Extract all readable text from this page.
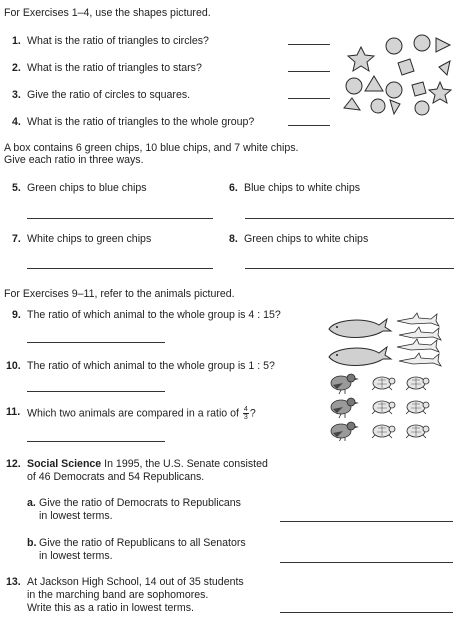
For Exercises 1–4, use the shapes pictured.
1. What is the ratio of triangles to circles?
2. What is the ratio of triangles to stars?
3. Give the ratio of circles to squares.
4. What is the ratio of triangles to the whole group?
A box contains 6 green chips, 10 blue chips, and 7 white chips.
Give each ratio in three ways.
5. Green chips to blue chips	6. Blue chips to white chips
7. White chips to green chips	8. Green chips to white chips
For Exercises 9–11, refer to the animals pictured.
9. The ratio of which animal to the whole group is 4 : 15?
10. The ratio of which animal to the whole group is 1 : 5?
11. Which two animals are compared in a ratio of $\frac{4}{3}$ ?
12. Social Science In 1995, the U.S. Senate consisted
of 46 Democrats and 54 Republicans.
a. Give the ratio of Democrats to Republicans
in lowest terms.
b. Give the ratio of Republicans to all Senators
in lowest terms.
13. At Jackson High School, 14 out of 35 students
in the marching band are sophomores.
Write this as a ratio in lowest terms.
